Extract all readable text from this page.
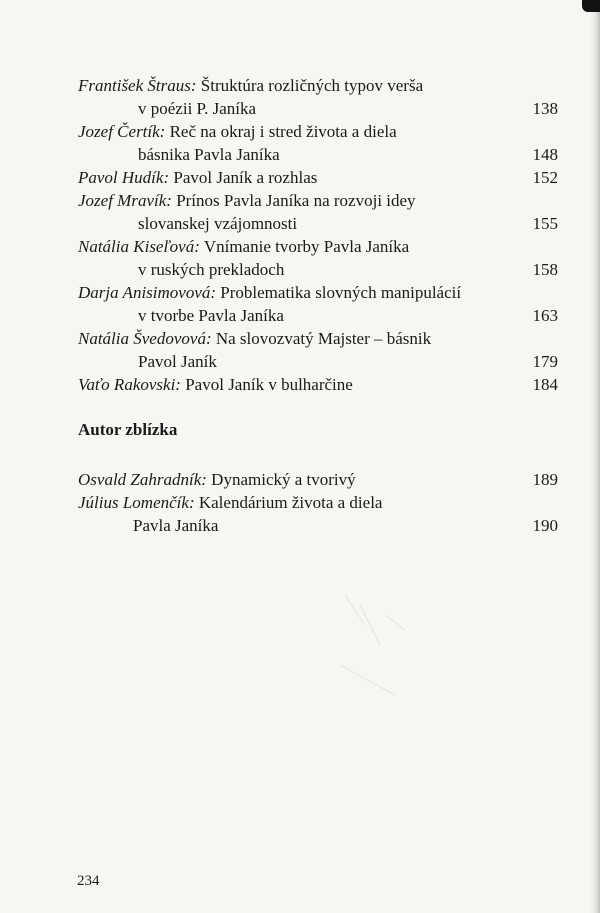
František Štraus: Štruktúra rozličných typov verša
v poézii P. Janíka	138
Jozef Čertík: Reč na okraj i stred života a diela
básnika Pavla Janíka	148
Pavol Hudík: Pavol Janík a rozhlas	152
Jozef Mravík: Prínos Pavla Janíka na rozvoji idey
slovanskej vzájomnosti	155
Natália Kiseľová: Vnímanie tvorby Pavla Janíka
v ruských prekladoch	158
Darja Anisimovová: Problematika slovných manipulácií
v tvorbe Pavla Janíka	163
Natália Švedovová: Na slovozvatý Majster – básnik
Pavol Janík	179
Vaťo Rakovski: Pavol Janík v bulharčine	184
Autor zblízka
Osvald Zahradník: Dynamický a tvorivý	189
Július Lomenčík: Kalendárium života a diela
Pavla Janíka	190
234
